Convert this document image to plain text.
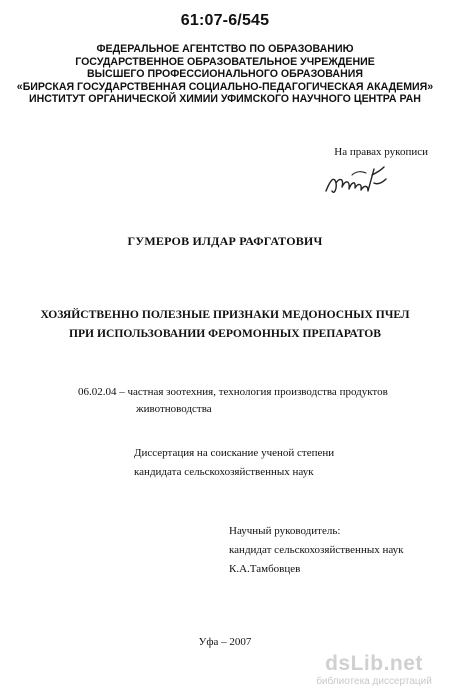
61:07-6/545
ФЕДЕРАЛЬНОЕ АГЕНТСТВО ПО ОБРАЗОВАНИЮ
ГОСУДАРСТВЕННОЕ ОБРАЗОВАТЕЛЬНОЕ УЧРЕЖДЕНИЕ
ВЫСШЕГО ПРОФЕССИОНАЛЬНОГО ОБРАЗОВАНИЯ
«БИРСКАЯ ГОСУДАРСТВЕННАЯ СОЦИАЛЬНО-ПЕДАГОГИЧЕСКАЯ АКАДЕМИЯ»
ИНСТИТУТ ОРГАНИЧЕСКОЙ ХИМИИ УФИМСКОГО НАУЧНОГО ЦЕНТРА РАН
На правах рукописи
ГУМЕРОВ ИЛДАР РАФГАТОВИЧ
ХОЗЯЙСТВЕННО ПОЛЕЗНЫЕ ПРИЗНАКИ МЕДОНОСНЫХ ПЧЕЛ
ПРИ ИСПОЛЬЗОВАНИИ ФЕРОМОННЫХ ПРЕПАРАТОВ
06.02.04 – частная зоотехния, технология производства продуктов
животноводства
Диссертация на соискание ученой степени
кандидата сельскохозяйственных наук
Научный руководитель:
кандидат сельскохозяйственных наук
К.А.Тамбовцев
Уфа – 2007
dsLib.net
библиотека диссертаций
